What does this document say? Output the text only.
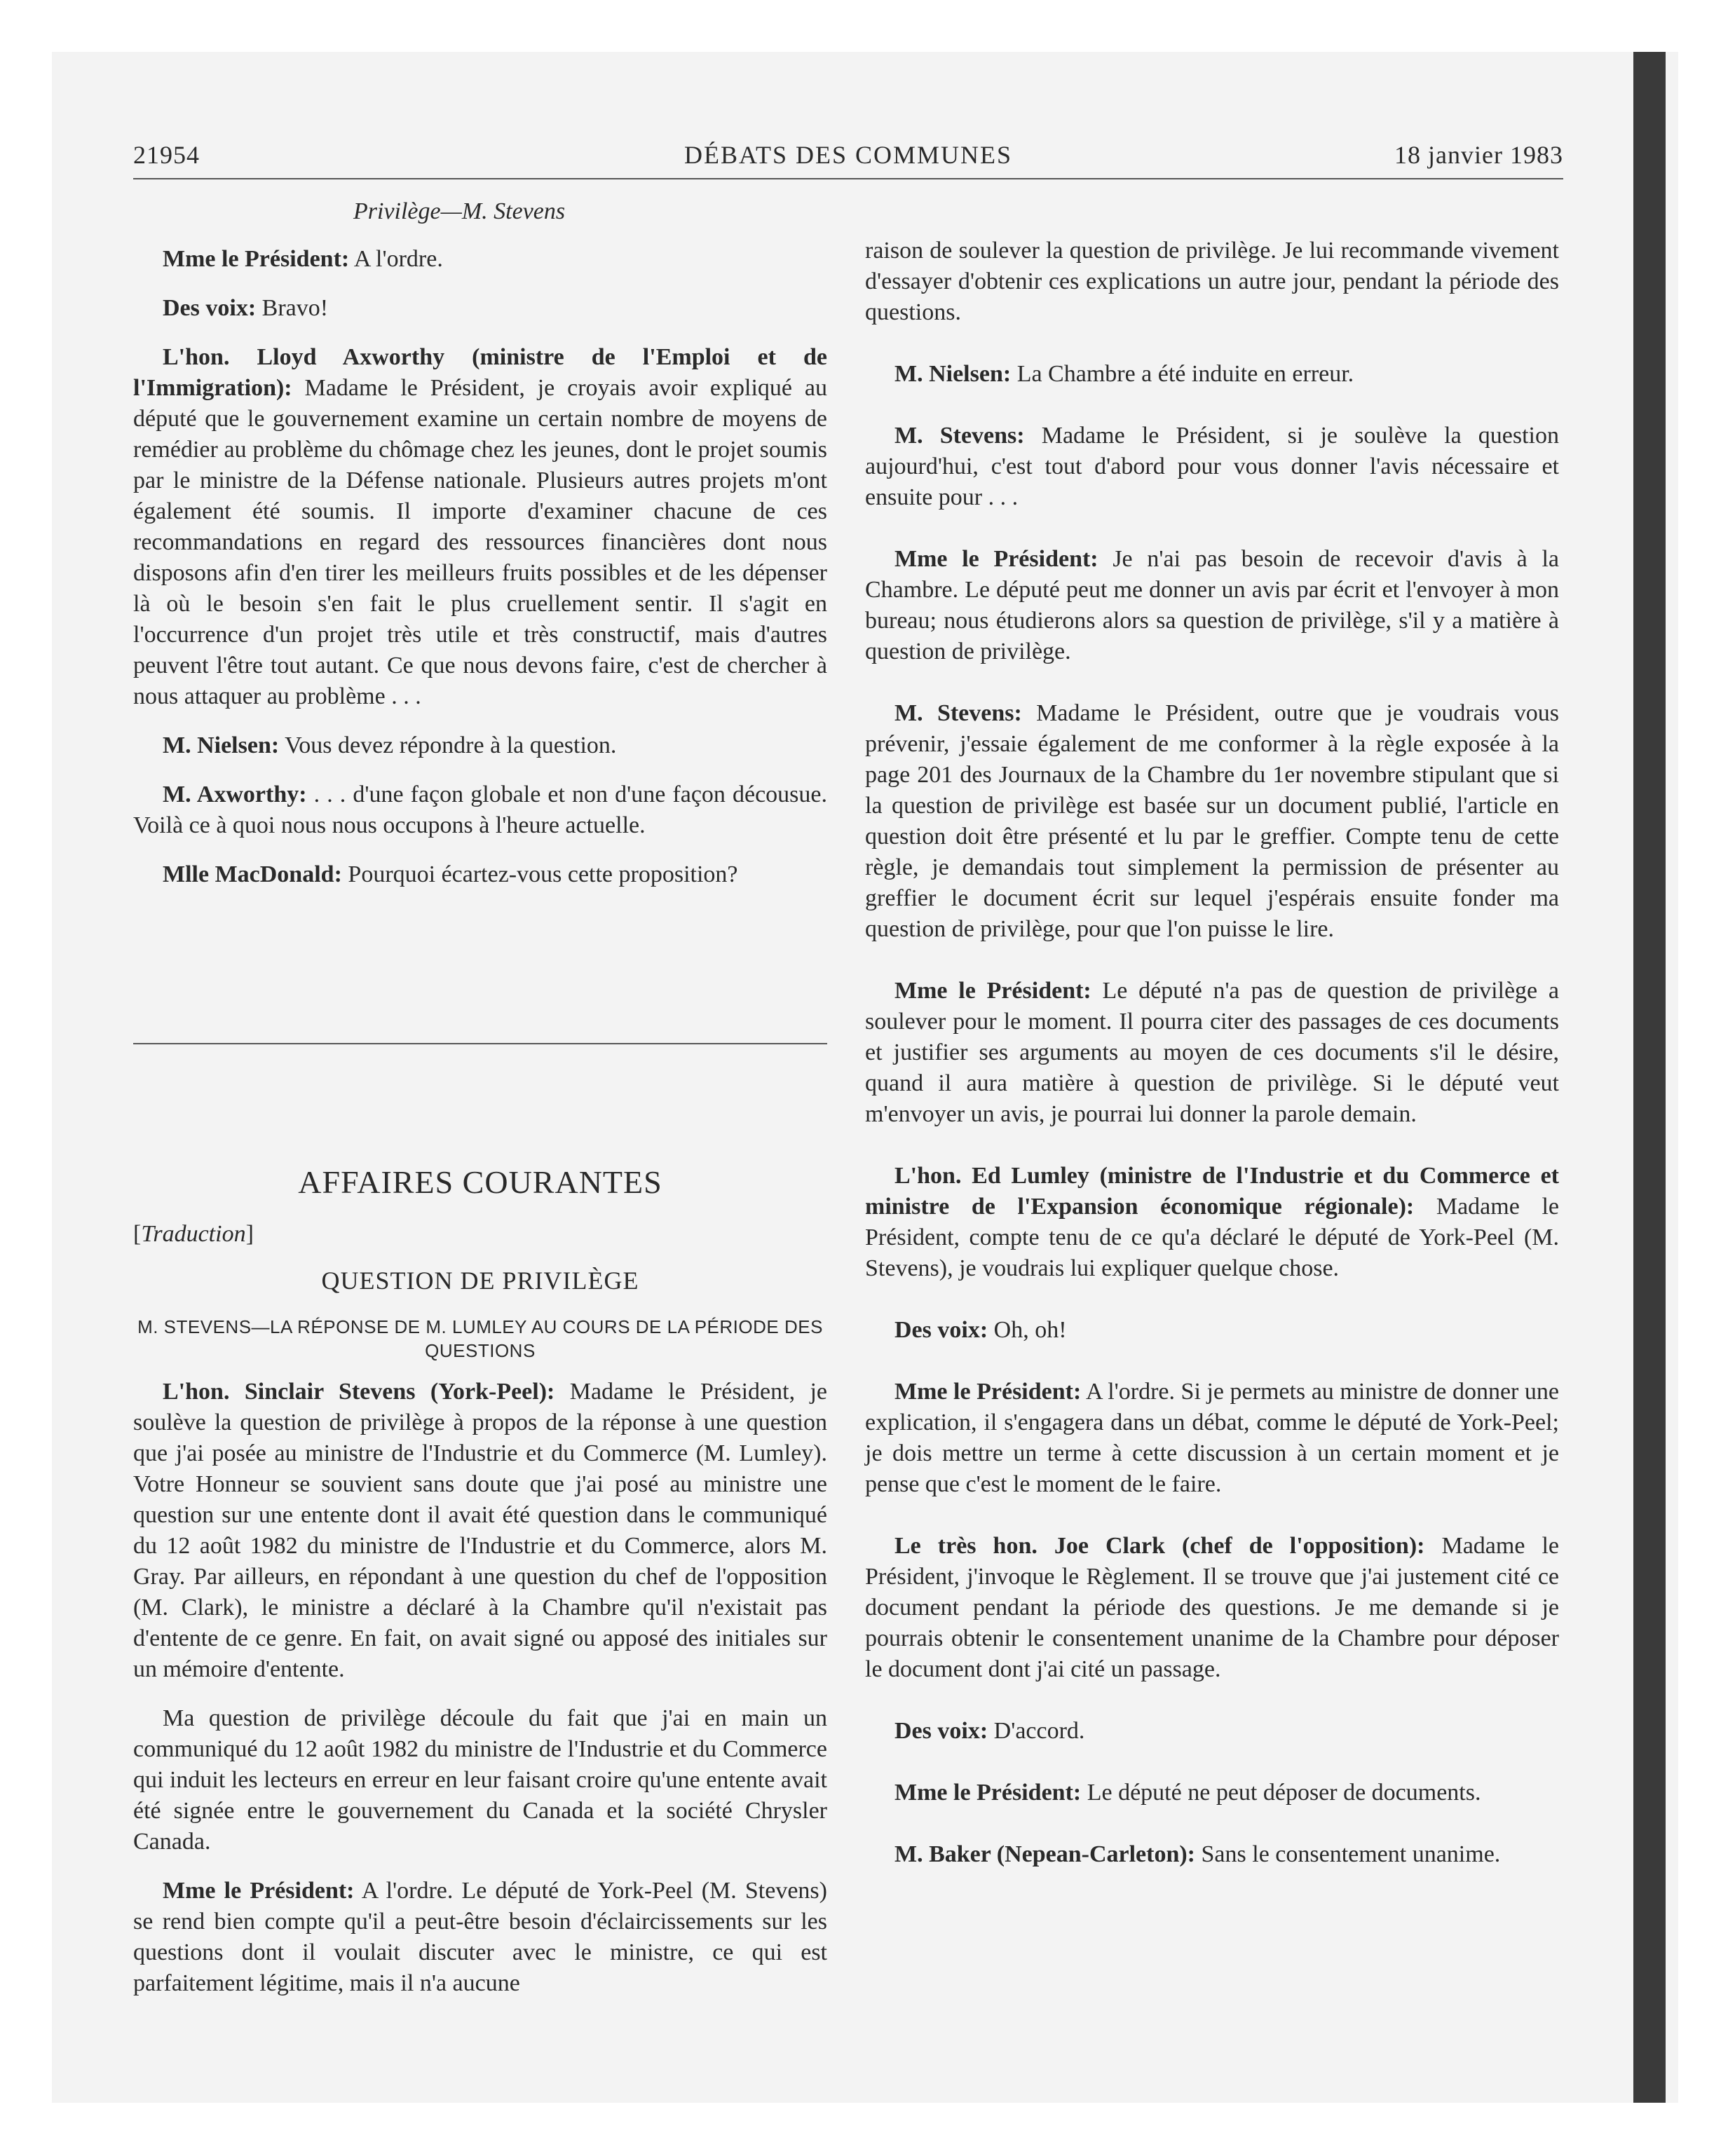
21954	DÉBATS DES COMMUNES	18 janvier 1983
Privilège—M. Stevens

Mme le Président: A l'ordre.

Des voix: Bravo!

L'hon. Lloyd Axworthy (ministre de l'Emploi et de l'Immigration): Madame le Président, je croyais avoir expliqué au député que le gouvernement examine un certain nombre de moyens de remédier au problème du chômage chez les jeunes, dont le projet soumis par le ministre de la Défense nationale. Plusieurs autres projets m'ont également été soumis. Il importe d'examiner chacune de ces recommandations en regard des ressources financières dont nous disposons afin d'en tirer les meilleurs fruits possibles et de les dépenser là où le besoin s'en fait le plus cruellement sentir. Il s'agit en l'occurrence d'un projet très utile et très constructif, mais d'autres peuvent l'être tout autant. Ce que nous devons faire, c'est de chercher à nous attaquer au problème . . .

M. Nielsen: Vous devez répondre à la question.

M. Axworthy: . . . d'une façon globale et non d'une façon décousue. Voilà ce à quoi nous nous occupons à l'heure actuelle.

Mlle MacDonald: Pourquoi écartez-vous cette proposition?

AFFAIRES COURANTES
[Traduction]
QUESTION DE PRIVILÈGE
M. STEVENS—LA RÉPONSE DE M. LUMLEY AU COURS DE LA PÉRIODE DES QUESTIONS

L'hon. Sinclair Stevens (York-Peel): Madame le Président, je soulève la question de privilège à propos de la réponse à une question que j'ai posée au ministre de l'Industrie et du Commerce (M. Lumley). Votre Honneur se souvient sans doute que j'ai posé au ministre une question sur une entente dont il avait été question dans le communiqué du 12 août 1982 du ministre de l'Industrie et du Commerce, alors M. Gray. Par ailleurs, en répondant à une question du chef de l'opposition (M. Clark), le ministre a déclaré à la Chambre qu'il n'existait pas d'entente de ce genre. En fait, on avait signé ou apposé des initiales sur un mémoire d'entente.

Ma question de privilège découle du fait que j'ai en main un communiqué du 12 août 1982 du ministre de l'Industrie et du Commerce qui induit les lecteurs en erreur en leur faisant croire qu'une entente avait été signée entre le gouvernement du Canada et la société Chrysler Canada.

Mme le Président: A l'ordre. Le député de York-Peel (M. Stevens) se rend bien compte qu'il a peut-être besoin d'éclaircissements sur les questions dont il voulait discuter avec le ministre, ce qui est parfaitement légitime, mais il n'a aucune

raison de soulever la question de privilège. Je lui recommande vivement d'essayer d'obtenir ces explications un autre jour, pendant la période des questions.

M. Nielsen: La Chambre a été induite en erreur.

M. Stevens: Madame le Président, si je soulève la question aujourd'hui, c'est tout d'abord pour vous donner l'avis nécessaire et ensuite pour . . .

Mme le Président: Je n'ai pas besoin de recevoir d'avis à la Chambre. Le député peut me donner un avis par écrit et l'envoyer à mon bureau; nous étudierons alors sa question de privilège, s'il y a matière à question de privilège.

M. Stevens: Madame le Président, outre que je voudrais vous prévenir, j'essaie également de me conformer à la règle exposée à la page 201 des Journaux de la Chambre du 1er novembre stipulant que si la question de privilège est basée sur un document publié, l'article en question doit être présenté et lu par le greffier. Compte tenu de cette règle, je demandais tout simplement la permission de présenter au greffier le document écrit sur lequel j'espérais ensuite fonder ma question de privilège, pour que l'on puisse le lire.

Mme le Président: Le député n'a pas de question de privilège a soulever pour le moment. Il pourra citer des passages de ces documents et justifier ses arguments au moyen de ces documents s'il le désire, quand il aura matière à question de privilège. Si le député veut m'envoyer un avis, je pourrai lui donner la parole demain.

L'hon. Ed Lumley (ministre de l'Industrie et du Commerce et ministre de l'Expansion économique régionale): Madame le Président, compte tenu de ce qu'a déclaré le député de York-Peel (M. Stevens), je voudrais lui expliquer quelque chose.

Des voix: Oh, oh!

Mme le Président: A l'ordre. Si je permets au ministre de donner une explication, il s'engagera dans un débat, comme le député de York-Peel; je dois mettre un terme à cette discussion à un certain moment et je pense que c'est le moment de le faire.

Le très hon. Joe Clark (chef de l'opposition): Madame le Président, j'invoque le Règlement. Il se trouve que j'ai justement cité ce document pendant la période des questions. Je me demande si je pourrais obtenir le consentement unanime de la Chambre pour déposer le document dont j'ai cité un passage.

Des voix: D'accord.

Mme le Président: Le député ne peut déposer de documents.

M. Baker (Nepean-Carleton): Sans le consentement unanime.
